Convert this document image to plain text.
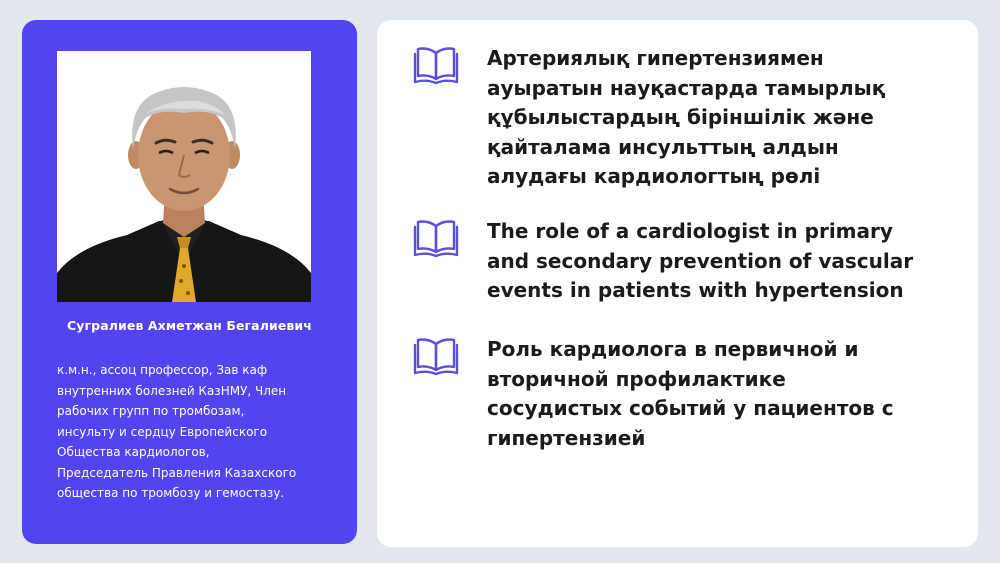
Сугралиев Ахметжан Бегалиевич
к.м.н., ассоц профессор, Зав каф
внутренних болезней КазНМУ, Член
рабочих групп по тромбозам,
инсульту и сердцу Европейского
Общества кардиологов,
Председатель Правления Казахского
общества по тромбозу и гемостазу.
Артериялық гипертензиямен
ауыратын науқастарда тамырлық
құбылыстардың біріншілік және
қайталама инсульттың алдын
алудағы кардиологтың рөлі
The role of a cardiologist in primary
and secondary prevention of vascular
events in patients with hypertension
Роль кардиолога в первичной и
вторичной профилактике
сосудистых событий у пациентов с
гипертензией
